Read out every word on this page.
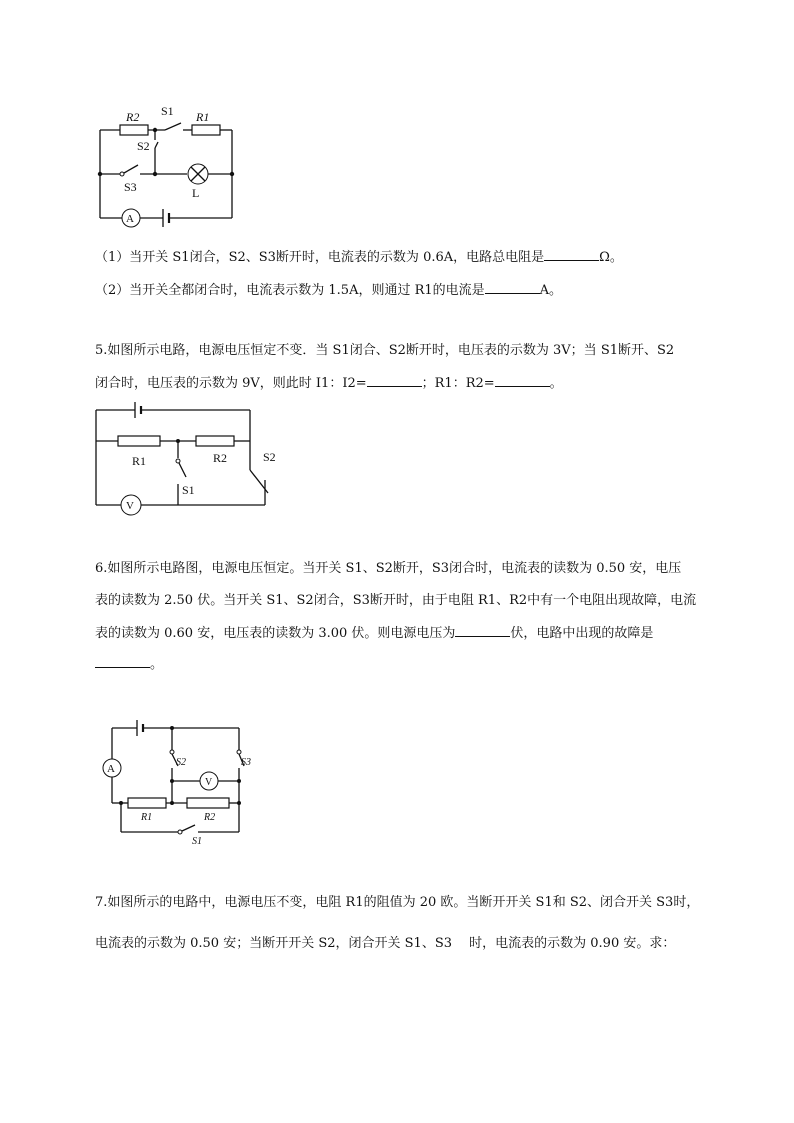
A
R2 S1 R1
S2
S3	L
（1）当开关 S1闭合，S2、S3断开时，电流表的示数为 0.6A，电路总电阻是	Ω。
（2）当开关全都闭合时，电流表示数为 1.5A，则通过 R1的电流是	A。
5.如图所示电路，电源电压恒定不变．当 S1闭合、S2断开时，电压表的示数为 3V；当 S1断开、S2
闭合时，电压表的示数为 9V，则此时 I1：I2=	；R1：R2=	。
V
R1	R2
S1
S2
6.如图所示电路图，电源电压恒定。当开关 S1、S2断开，S3闭合时，电流表的读数为 0.50 安，电压
表的读数为 2.50 伏。当开关 S1、S2闭合，S3断开时，由于电阻 R1、R2中有一个电阻出现故障，电流
表的读数为 0.60 安，电压表的读数为 3.00 伏。则电源电压为	伏，电路中出现的故障是
。
A
V
S2	S3
R1	R2
S1
7.如图所示的电路中，电源电压不变，电阻 R1的阻值为 20 欧。当断开开关 S1和 S2、闭合开关 S3时，
电流表的示数为 0.50 安；当断开开关 S2，闭合开关 S1、S3　 时，电流表的示数为 0.90 安。求：
